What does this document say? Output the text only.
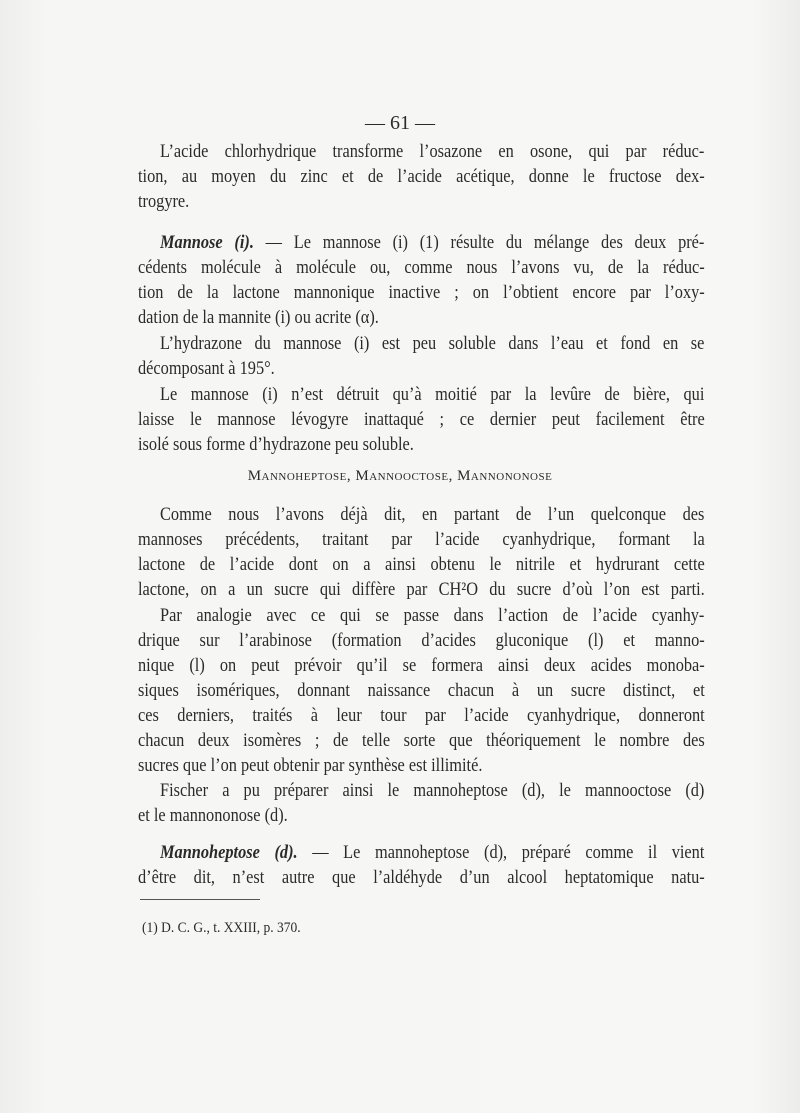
— 61 —
L’acide chlorhydrique transforme l’osazone en osone, qui par réduc-
tion, au moyen du zinc et de l’acide acétique, donne le fructose dex-
trogyre.
Mannose (i). — Le mannose (i) (1) résulte du mélange des deux pré-
cédents molécule à molécule ou, comme nous l’avons vu, de la réduc-
tion de la lactone mannonique inactive ; on l’obtient encore par l’oxy-
dation de la mannite (i) ou acrite (α).
L’hydrazone du mannose (i) est peu soluble dans l’eau et fond en se
décomposant à 195°.
Le mannose (i) n’est détruit qu’à moitié par la levûre de bière, qui
laisse le mannose lévogyre inattaqué ; ce dernier peut facilement être
isolé sous forme d’hydrazone peu soluble.
Comme nous l’avons déjà dit, en partant de l’un quelconque des
mannoses précédents, traitant par l’acide cyanhydrique, formant la
lactone de l’acide dont on a ainsi obtenu le nitrile et hydrurant cette
lactone, on a un sucre qui diffère par CH²O du sucre d’où l’on est parti.
Par analogie avec ce qui se passe dans l’action de l’acide cyanhy-
drique sur l’arabinose (formation d’acides gluconique (l) et manno-
nique (l) on peut prévoir qu’il se formera ainsi deux acides monoba-
siques isomériques, donnant naissance chacun à un sucre distinct, et
ces derniers, traités à leur tour par l’acide cyanhydrique, donneront
chacun deux isomères ; de telle sorte que théoriquement le nombre des
sucres que l’on peut obtenir par synthèse est illimité.
Fischer a pu préparer ainsi le mannoheptose (d), le mannooctose (d)
et le mannononose (d).
Mannoheptose (d). — Le mannoheptose (d), préparé comme il vient
d’être dit, n’est autre que l’aldéhyde d’un alcool heptatomique natu-
Mannoheptose, Mannooctose, Mannononose
(1) D. C. G., t. XXIII, p. 370.
